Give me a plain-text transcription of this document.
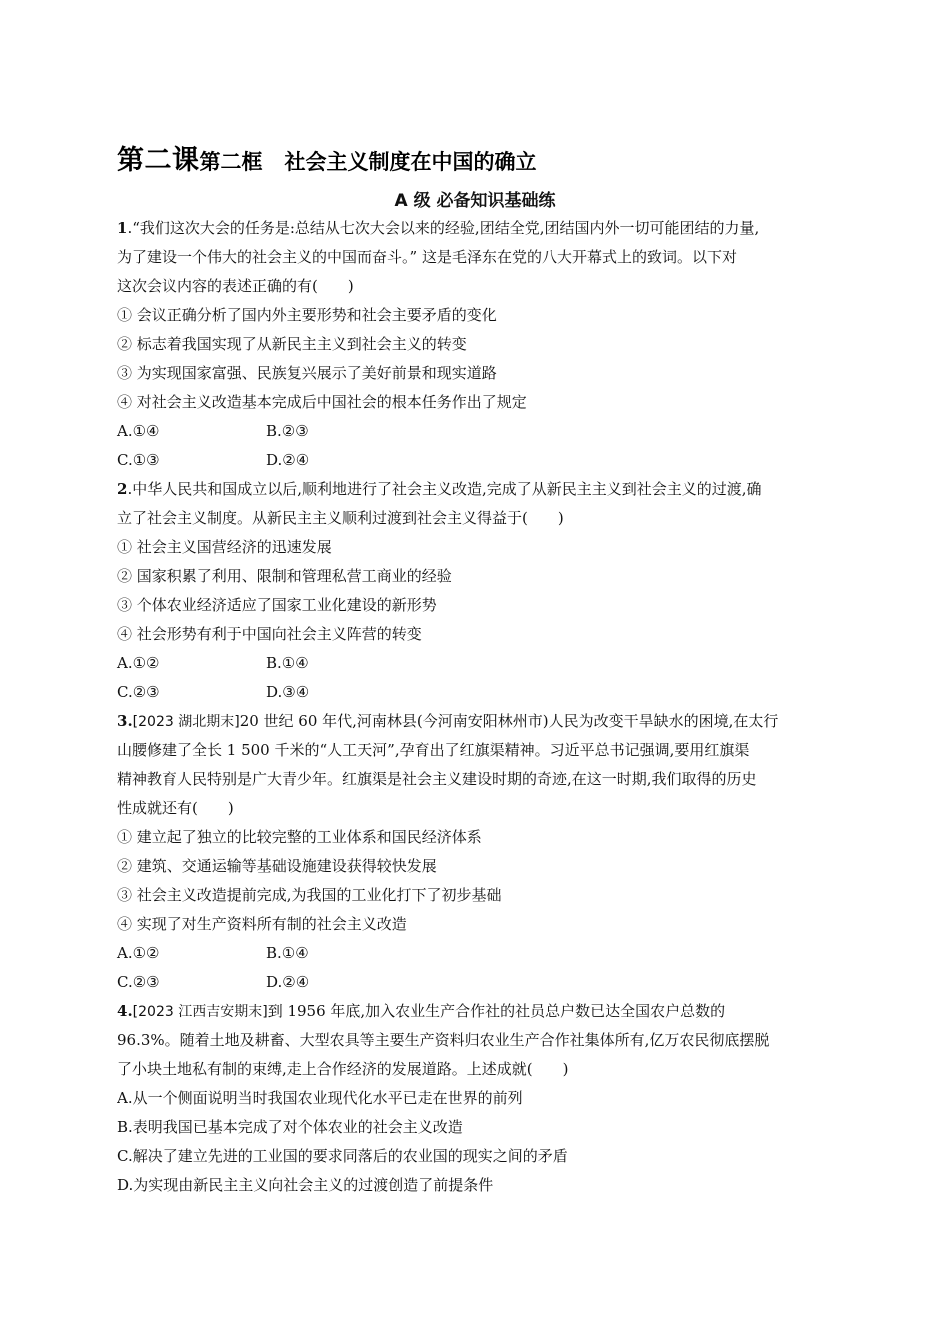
第二课第二框 社会主义制度在中国的确立
A 级 必备知识基础练
1.“我们这次大会的任务是:总结从七次大会以来的经验,团结全党,团结国内外一切可能团结的力量,
为了建设一个伟大的社会主义的中国而奋斗。” 这是毛泽东在党的八大开幕式上的致词。以下对
这次会议内容的表述正确的有(　　)
① 会议正确分析了国内外主要形势和社会主要矛盾的变化
② 标志着我国实现了从新民主主义到社会主义的转变
③ 为实现国家富强、民族复兴展示了美好前景和现实道路
④ 对社会主义改造基本完成后中国社会的根本任务作出了规定
A.①④	B.②③
C.①③	D.②④
2.中华人民共和国成立以后,顺利地进行了社会主义改造,完成了从新民主主义到社会主义的过渡,确
立了社会主义制度。从新民主主义顺利过渡到社会主义得益于(　　)
① 社会主义国营经济的迅速发展
② 国家积累了利用、限制和管理私营工商业的经验
③ 个体农业经济适应了国家工业化建设的新形势
④ 社会形势有利于中国向社会主义阵营的转变
A.①②	B.①④
C.②③	D.③④
3.[2023 湖北期末]20 世纪 60 年代,河南林县(今河南安阳林州市)人民为改变干旱缺水的困境,在太行
山腰修建了全长 1 500 千米的“人工天河”,孕育出了红旗渠精神。习近平总书记强调,要用红旗渠
精神教育人民特别是广大青少年。红旗渠是社会主义建设时期的奇迹,在这一时期,我们取得的历史
性成就还有(　　)
① 建立起了独立的比较完整的工业体系和国民经济体系
② 建筑、交通运输等基础设施建设获得较快发展
③ 社会主义改造提前完成,为我国的工业化打下了初步基础
④ 实现了对生产资料所有制的社会主义改造
A.①②	B.①④
C.②③	D.②④
4.[2023 江西吉安期末]到 1956 年底,加入农业生产合作社的社员总户数已达全国农户总数的
96.3%。随着土地及耕畜、大型农具等主要生产资料归农业生产合作社集体所有,亿万农民彻底摆脱
了小块土地私有制的束缚,走上合作经济的发展道路。上述成就(　　)
A.从一个侧面说明当时我国农业现代化水平已走在世界的前列
B.表明我国已基本完成了对个体农业的社会主义改造
C.解决了建立先进的工业国的要求同落后的农业国的现实之间的矛盾
D.为实现由新民主主义向社会主义的过渡创造了前提条件
